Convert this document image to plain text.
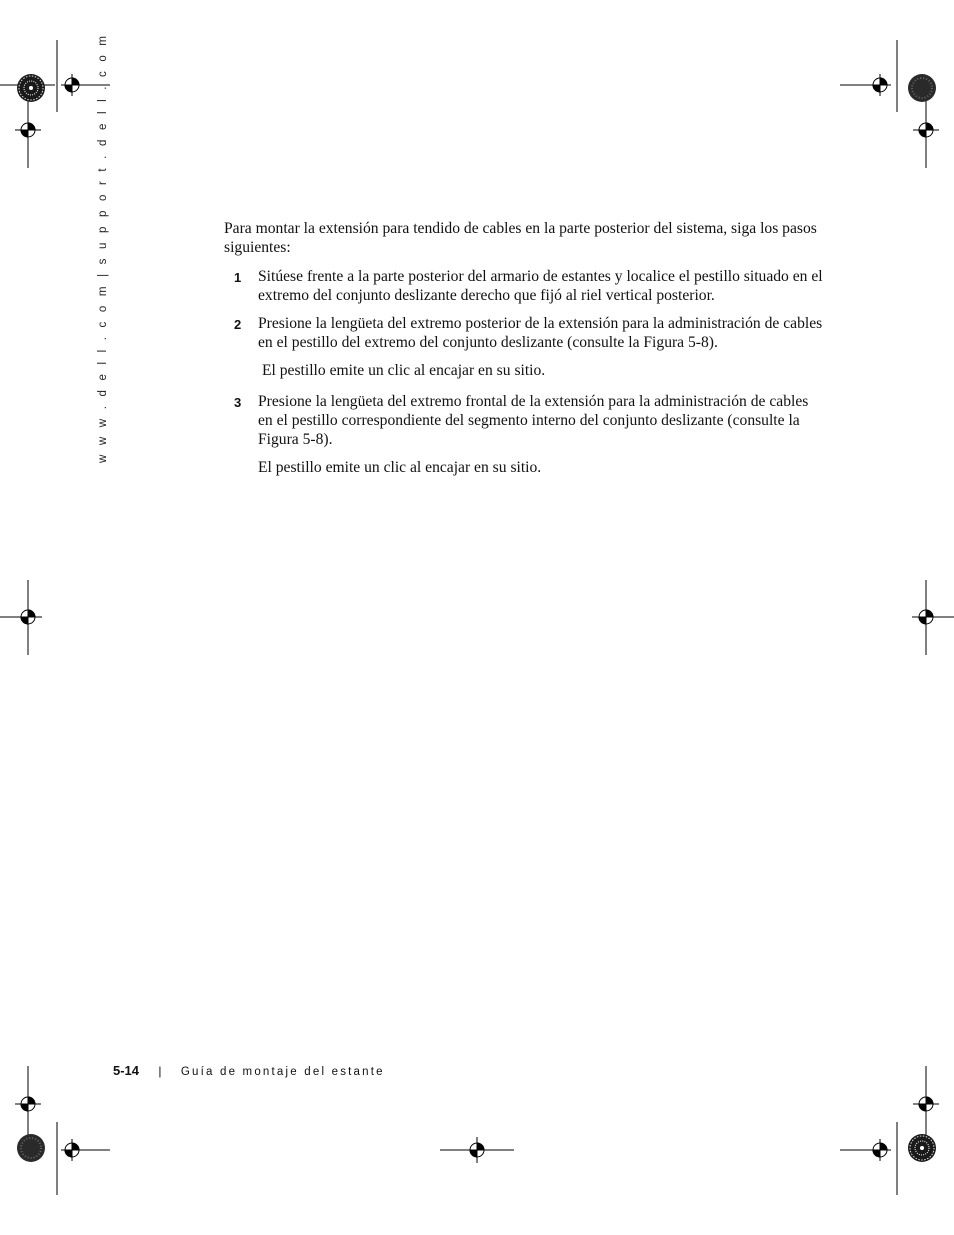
w w w . d e l l . c o m | s u p p o r t . d e l l . c o m	Para montar la extensión para tendido de cables en la parte posterior del sistema, siga los pasos siguientes:

1 Sitúese frente a la parte posterior del armario de estantes y localice el pestillo situado en el extremo del conjunto deslizante derecho que fijó al riel vertical posterior.
2 Presione la lengüeta del extremo posterior de la extensión para la administración de cables en el pestillo del extremo del conjunto deslizante (consulte la Figura 5-8).

El pestillo emite un clic al encajar en su sitio.

3 Presione la lengüeta del extremo frontal de la extensión para la administración de cables en el pestillo correspondiente del segmento interno del conjunto deslizante (consulte la Figura 5-8).

El pestillo emite un clic al encajar en su sitio.

5-14 | Guía de montaje del estante
